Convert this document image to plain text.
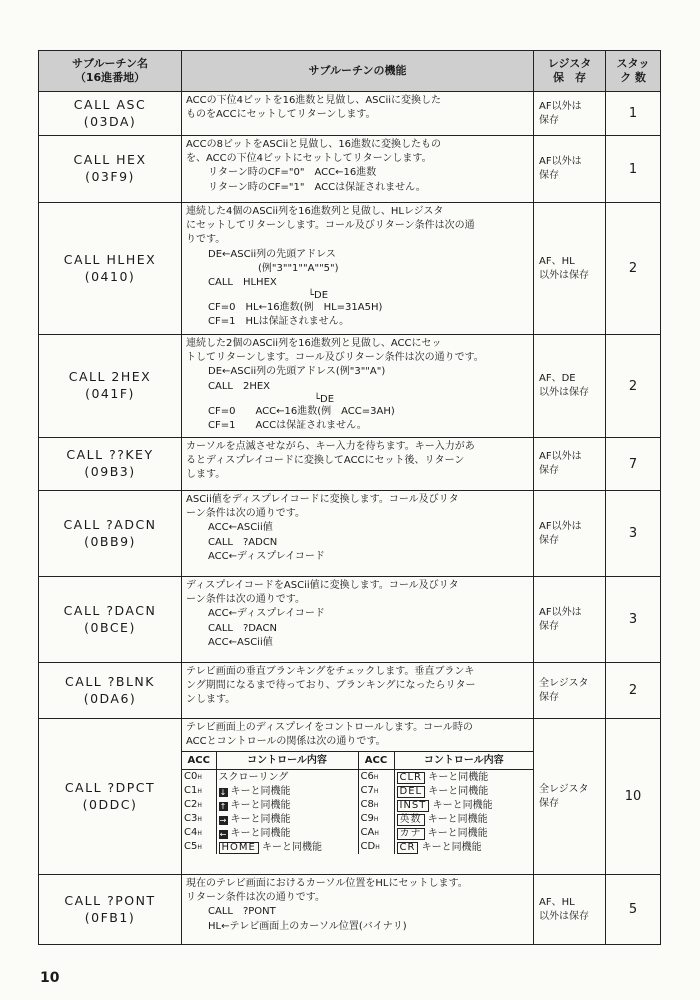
サブルーチン名
（16進番地）
	サブルーチンの機能	
レジスタ
保　存

スタッ
ク 数

CALL ASC
(03DA)

ACCの下位4ビットを16進数と見做し、ASCiiに変換した
ものをACCにセットしてリターンします。

AF以外は
保存	1

CALL HEX
(03F9)

ACCの8ビットをASCiiと見做し、16進数に変換したもの
を、ACCの下位4ビットにセットしてリターンします。
リターン時のCF="0"　ACC←16進数
リターン時のCF="1"　ACCは保証されません。

AF以外は
保存	1

CALL HLHEX
(0410)

連続した4個のASCii列を16進数列と見做し、HLレジスタ
にセットしてリターンします。コール及びリターン条件は次の通
りです。
DE←ASCii列の先頭アドレス
　　　　　(例"3""1""A""5")
CALL　HLHEX
└DE
CF=0　HL←16進数(例　HL=31A5H)
CF=1　HLは保証されません。

AF、HL
以外は保存	2

CALL 2HEX
(041F)

連続した2個のASCii列を16進数列と見做し、ACCにセッ
トしてリターンします。コール及びリターン条件は次の通りです。
DE←ASCii列の先頭アドレス(例"3""A")
CALL　2HEX
└DE
CF=0　　ACC←16進数(例　ACC=3AH)
CF=1　　ACCは保証されません。

AF、DE
以外は保存	2

CALL ??KEY
(09B3)

カーソルを点滅させながら、キー入力を待ちます。キー入力があ
るとディスプレイコードに変換してACCにセット後、リターン
します。

AF以外は
保存	7

CALL ?ADCN
(0BB9)

ASCii値をディスプレイコードに変換します。コール及びリタ
ーン条件は次の通りです。
ACC←ASCii値
CALL　?ADCN
ACC←ディスプレイコード

AF以外は
保存	3

CALL ?DACN
(0BCE)

ディスプレイコードをASCii値に変換します。コール及びリタ
ーン条件は次の通りです。
ACC←ディスプレイコード
CALL　?DACN
ACC←ASCii値

AF以外は
保存	3

CALL ?BLNK
(0DA6)

テレビ画面の垂直ブランキングをチェックします。垂直ブランキ
ング期間になるまで待っており、ブランキングになったらリター
ンします。

全レジスタ
保存	2

CALL ?DPCT
(0DDC)

テレビ画面上のディスプレイをコントロールします。コール時の
ACCとコントロールの関係は次の通りです。
ACC	コントロール内容	ACC	コントロール内容
C0H	スクローリング	C6H	CLR キーと同機能
C1H	↓ キーと同機能	C7H	DEL キーと同機能
C2H	↑ キーと同機能	C8H	INST キーと同機能
C3H	→ キーと同機能	C9H	英数 キーと同機能
C4H	← キーと同機能	CAH	カナ キーと同機能
C5H	HOME キーと同機能	CDH	CR キーと同機能

全レジスタ
保存	10

CALL ?PONT
(0FB1)

現在のテレビ画面におけるカーソル位置をHLにセットします。
リターン条件は次の通りです。
CALL　?PONT
HL←テレビ画面上のカーソル位置(バイナリ)

AF、HL
以外は保存	5
10
